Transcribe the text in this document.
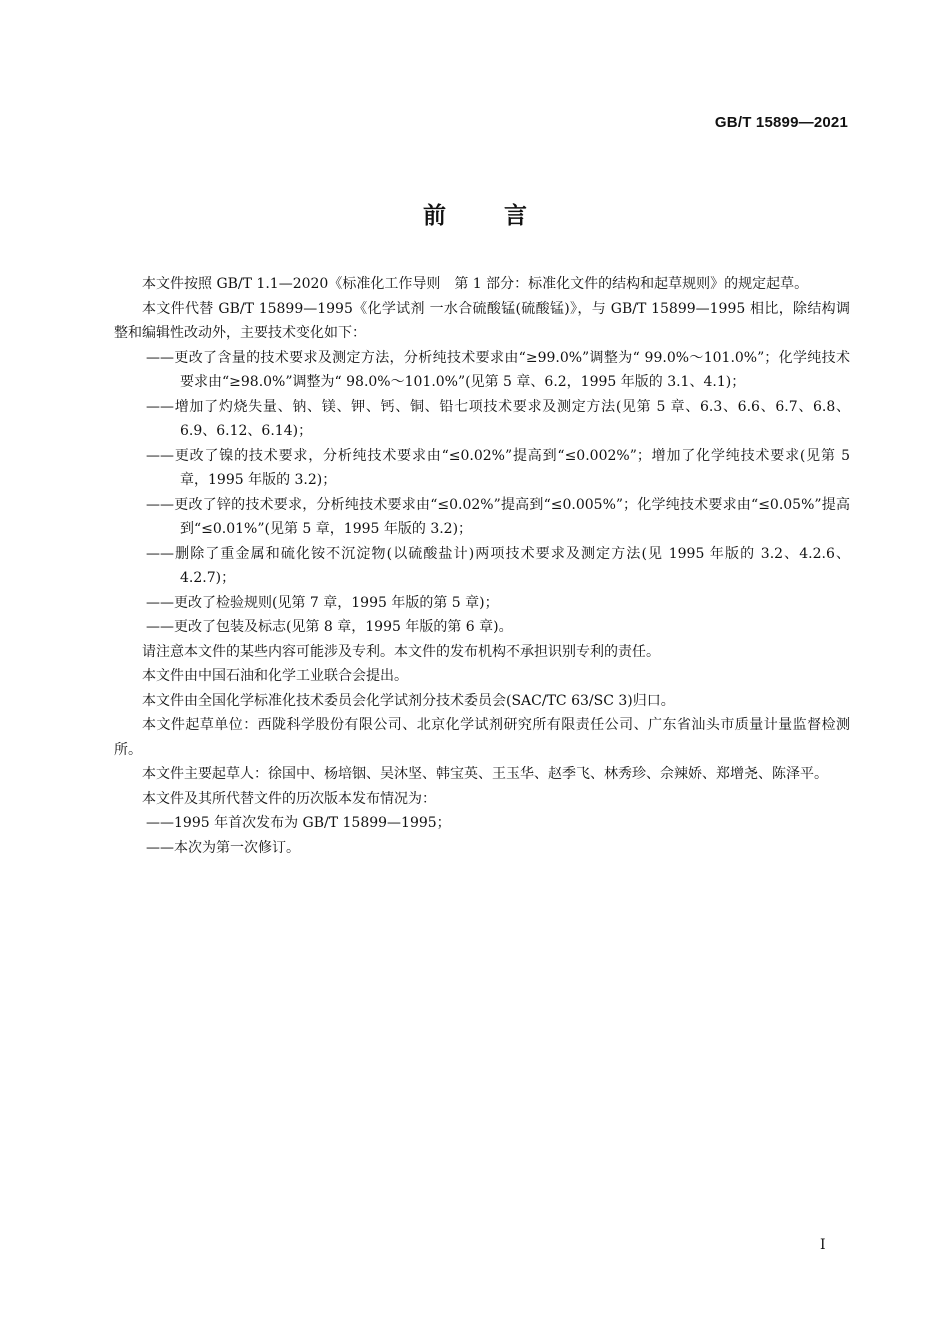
GB/T 15899—2021
前言

本文件按照 GB/T 1.1—2020《标准化工作导则　第 1 部分：标准化文件的结构和起草规则》的规定起草。

本文件代替 GB/T 15899—1995《化学试剂 一水合硫酸锰(硫酸锰)》，与 GB/T 15899—1995 相比，除结构调整和编辑性改动外，主要技术变化如下：

——更改了含量的技术要求及测定方法，分析纯技术要求由“≥99.0%”调整为“ 99.0%～101.0%”；化学纯技术要求由“≥98.0%”调整为“ 98.0%～101.0%”(见第 5 章、6.2，1995 年版的 3.1、4.1)；

——增加了灼烧失量、钠、镁、钾、钙、铜、铅七项技术要求及测定方法(见第 5 章、6.3、6.6、6.7、6.8、6.9、6.12、6.14)；

——更改了镍的技术要求，分析纯技术要求由“≤0.02%”提高到“≤0.002%”；增加了化学纯技术要求(见第 5 章，1995 年版的 3.2)；

——更改了锌的技术要求，分析纯技术要求由“≤0.02%”提高到“≤0.005%”；化学纯技术要求由“≤0.05%”提高到“≤0.01%”(见第 5 章，1995 年版的 3.2)；

——删除了重金属和硫化铵不沉淀物(以硫酸盐计)两项技术要求及测定方法(见 1995 年版的 3.2、4.2.6、4.2.7)；

——更改了检验规则(见第 7 章，1995 年版的第 5 章)；

——更改了包装及标志(见第 8 章，1995 年版的第 6 章)。

请注意本文件的某些内容可能涉及专利。本文件的发布机构不承担识别专利的责任。

本文件由中国石油和化学工业联合会提出。

本文件由全国化学标准化技术委员会化学试剂分技术委员会(SAC/TC 63/SC 3)归口。

本文件起草单位：西陇科学股份有限公司、北京化学试剂研究所有限责任公司、广东省汕头市质量计量监督检测所。

本文件主要起草人：徐国中、杨培铟、吴沐坚、韩宝英、王玉华、赵季飞、林秀珍、佘辣娇、郑增尧、陈泽平。

本文件及其所代替文件的历次版本发布情况为：

——1995 年首次发布为 GB/T 15899—1995；

——本次为第一次修订。

I
